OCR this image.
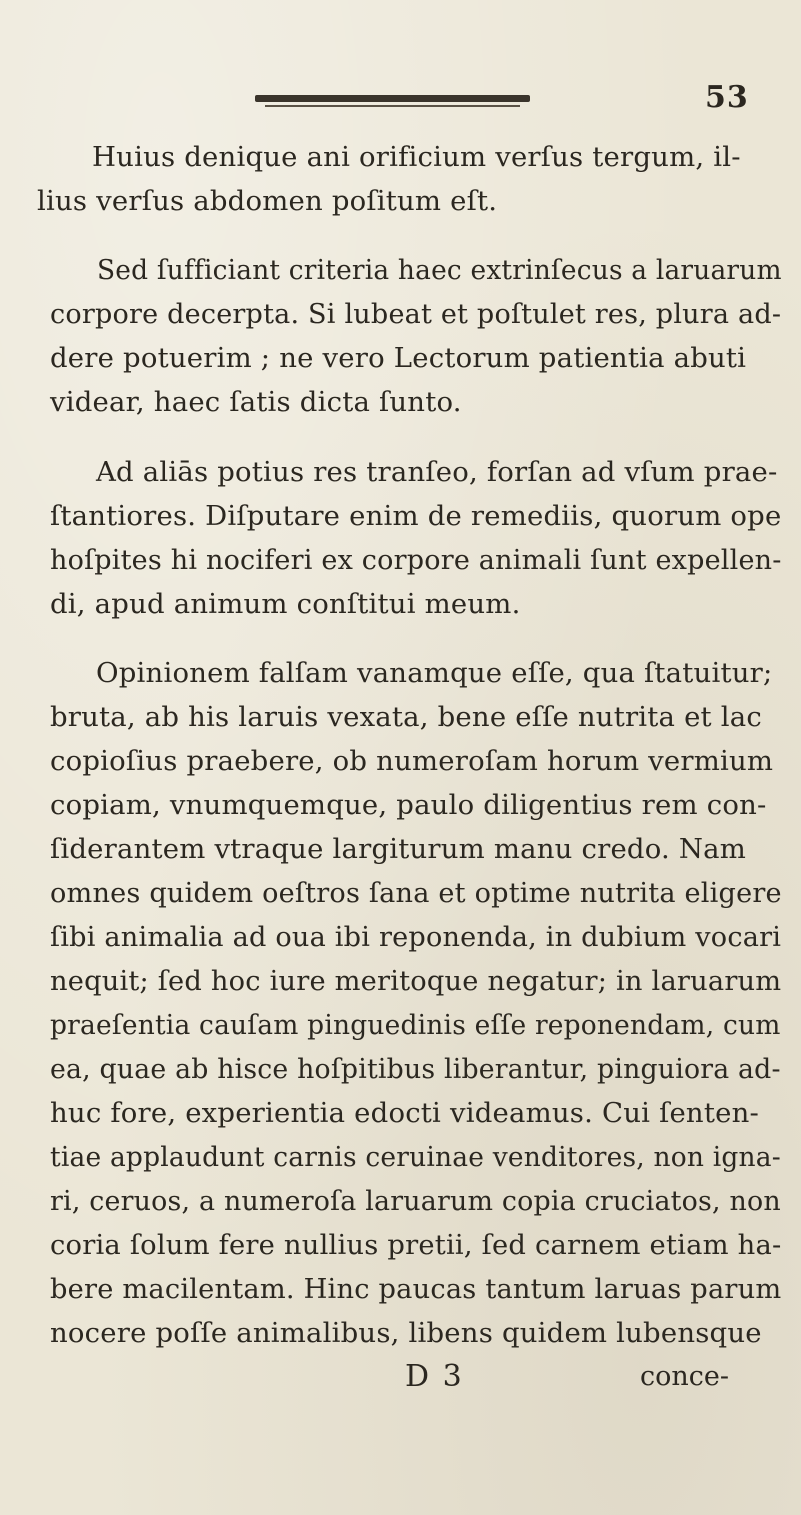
53
Huius denique ani orificium verſus tergum, il-
lius verſus abdomen poſitum eſt.
Sed ſufficiant criteria haec extrinſecus a laruarum
corpore decerpta. Si lubeat et poſtulet res, plura ad-
dere potuerim ; ne vero Lectorum patientia abuti
videar, haec ſatis dicta ſunto.
Ad aliās potius res tranſeo, forſan ad vſum prae-
ſtantiores. Diſputare enim de remediis, quorum ope
hoſpites hi nociferi ex corpore animali ſunt expellen-
di, apud animum conſtitui meum.
Opinionem falſam vanamque eſſe, qua ſtatuitur;
bruta, ab his laruis vexata, bene eſſe nutrita et lac
copioſius praebere, ob numeroſam horum vermium
copiam, vnumquemque, paulo diligentius rem con-
ſiderantem vtraque largiturum manu credo. Nam
omnes quidem oeſtros ſana et optime nutrita eligere
ſibi animalia ad oua ibi reponenda, in dubium vocari
nequit; ſed hoc iure meritoque negatur; in laruarum
praeſentia cauſam pinguedinis eſſe reponendam, cum
ea, quae ab hisce hoſpitibus liberantur, pinguiora ad-
huc fore, experientia edocti videamus. Cui ſenten-
tiae applaudunt carnis ceruinae venditores, non igna-
ri, ceruos, a numeroſa laruarum copia cruciatos, non
coria ſolum fere nullius pretii, ſed carnem etiam ha-
bere macilentam. Hinc paucas tantum laruas parum
nocere poſſe animalibus, libens quidem lubensque
D 3	conce-
